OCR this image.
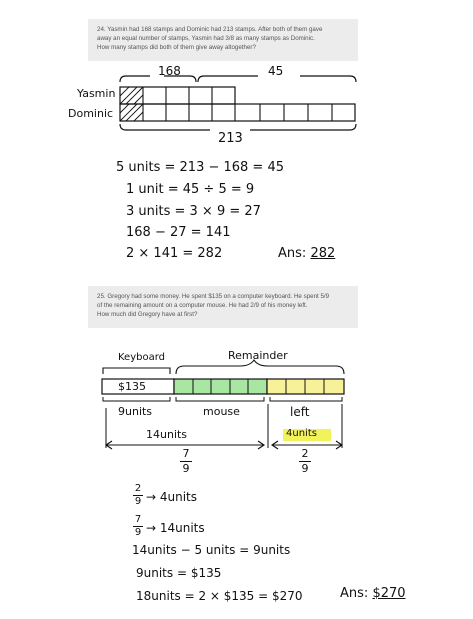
24. Yasmin had 168 stamps and Dominic had 213 stamps. After both of them gave
away an equal number of stamps, Yasmin had 3/8 as many stamps as Dominic.
How many stamps did both of them give away altogether?
168	45
Yasmin
Dominic
213
5 units = 213 − 168 = 45
1 unit = 45 ÷ 5 = 9
3 units = 3 × 9 = 27
168 − 27 = 141
2 × 141 = 282	Ans: 282
25. Gregory had some money. He spent $135 on a computer keyboard. He spent 5/9
of the remaining amount on a computer mouse. He had 2/9 of his money left.
How much did Gregory have at first?
Keyboard	Remainder
$135
9units	mouse	left
4units
14units
7
9
2
9
2
9 → 4units
7
9 → 14units
14units − 5 units = 9units
9units = $135
18units = 2 × $135 = $270	Ans: $270
